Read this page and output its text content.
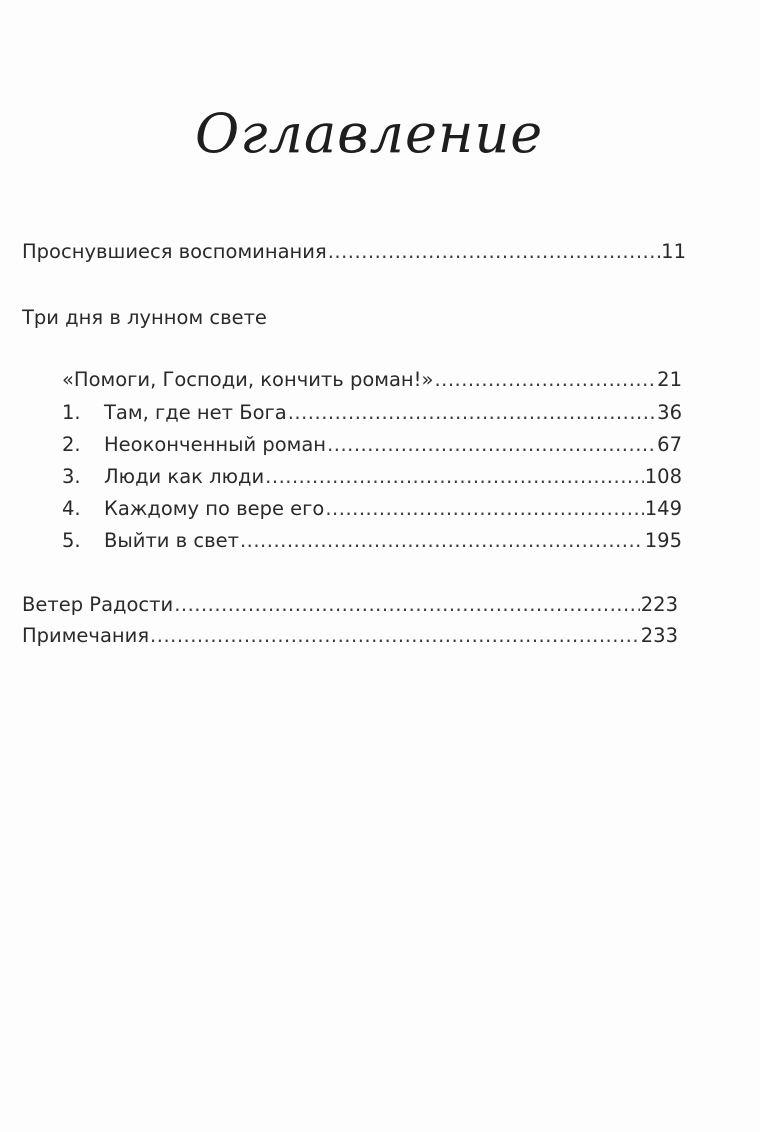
Оглавление
Проснувшиеся воспоминания .....	11
Три дня в лунном свете
«Помоги, Господи, кончить роман!» .....	21
1.	Там, где нет Бога .....	36
2.	Неоконченный роман .....	67
3.	Люди как люди .....	108
4.	Каждому по вере его .....	149
5.	Выйти в свет .....	195
Ветер Радости .....	223
Примечания .....	233
